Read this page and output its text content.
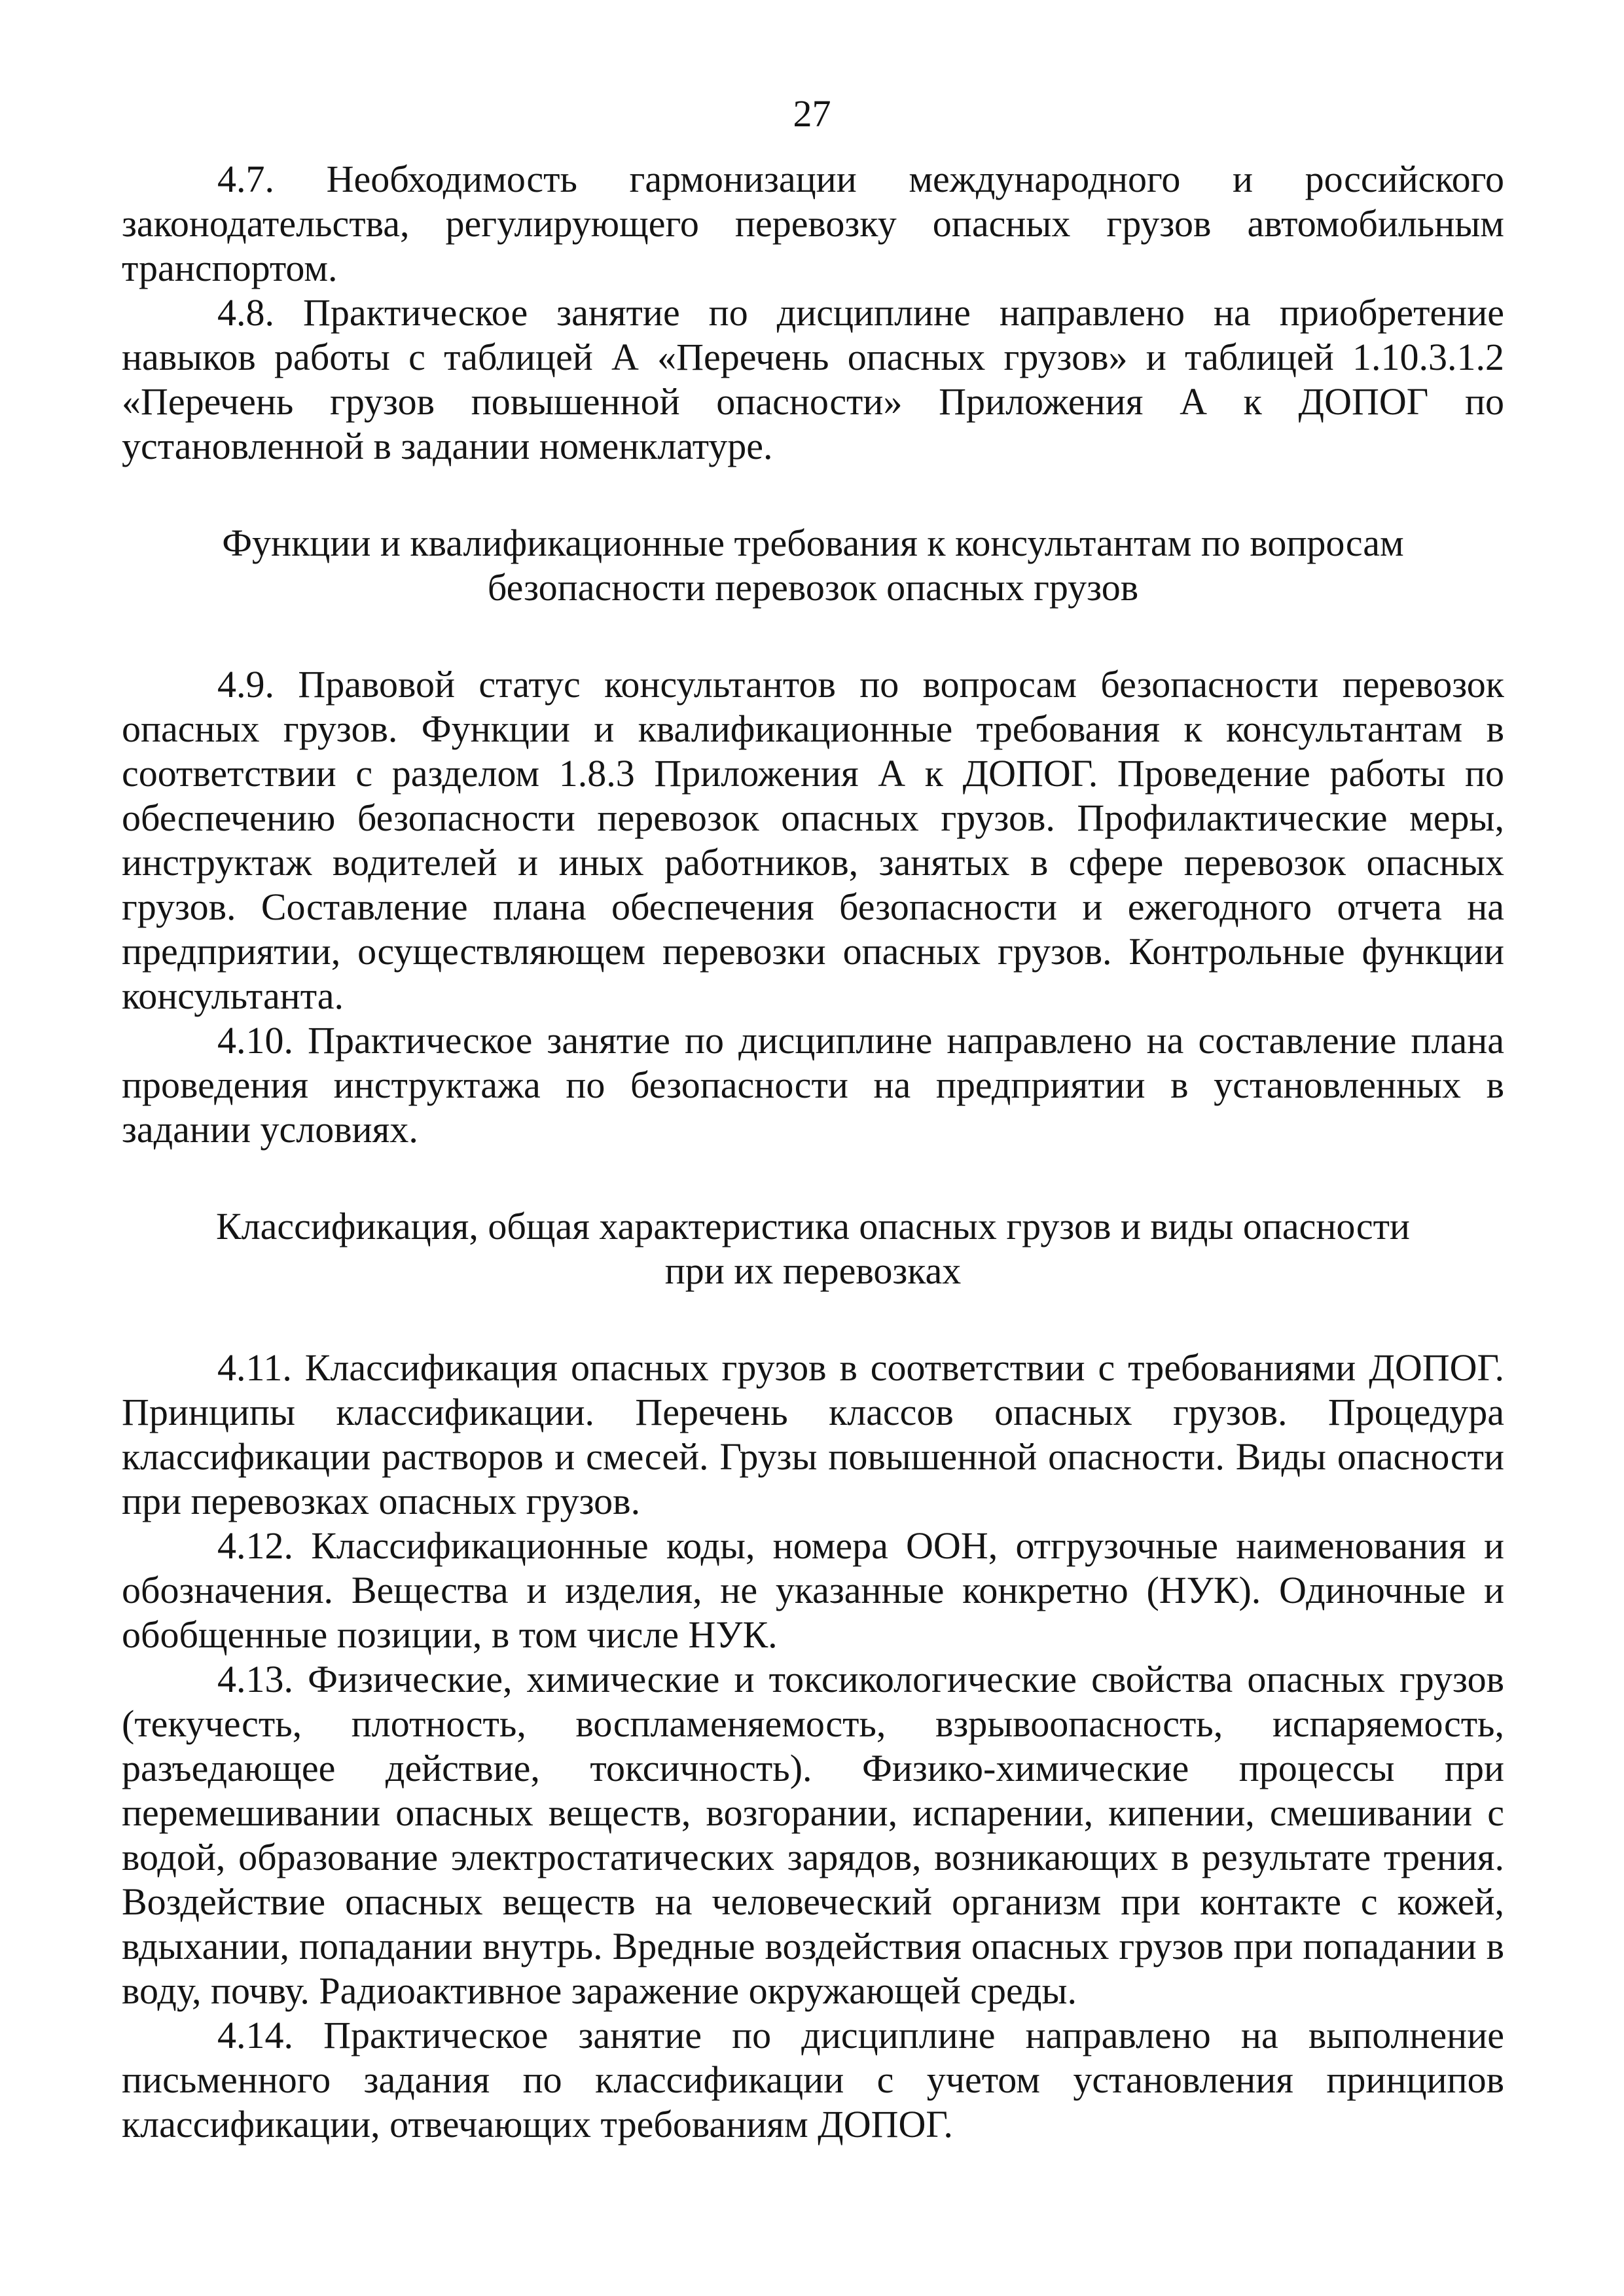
27

4.7. Необходимость гармонизации международного и российского законодательства, регулирующего перевозку опасных грузов автомобильным транспортом.

4.8. Практическое занятие по дисциплине направлено на приобретение навыков работы с таблицей А «Перечень опасных грузов» и таблицей 1.10.3.1.2 «Перечень грузов повышенной опасности» Приложения А к ДОПОГ по установленной в задании номенклатуре.

Функции и квалификационные требования к консультантам по вопросам

безопасности перевозок опасных грузов

4.9. Правовой статус консультантов по вопросам безопасности перевозок опасных грузов. Функции и квалификационные требования к консультантам в соответствии с разделом 1.8.3 Приложения А к ДОПОГ. Проведение работы по обеспечению безопасности перевозок опасных грузов. Профилактические меры, инструктаж водителей и иных работников, занятых в сфере перевозок опасных грузов. Составление плана обеспечения безопасности и ежегодного отчета на предприятии, осуществляющем перевозки опасных грузов. Контрольные функции консультанта.

4.10. Практическое занятие по дисциплине направлено на составление плана проведения инструктажа по безопасности на предприятии в установленных в задании условиях.

Классификация, общая характеристика опасных грузов и виды опасности

при их перевозках

4.11. Классификация опасных грузов в соответствии с требованиями ДОПОГ. Принципы классификации. Перечень классов опасных грузов. Процедура классификации растворов и смесей. Грузы повышенной опасности. Виды опасности при перевозках опасных грузов.

4.12. Классификационные коды, номера ООН, отгрузочные наименования и обозначения. Вещества и изделия, не указанные конкретно (НУК). Одиночные и обобщенные позиции, в том числе НУК.

4.13. Физические, химические и токсикологические свойства опасных грузов (текучесть, плотность, воспламеняемость, взрывоопасность, испаряемость, разъедающее действие, токсичность). Физико-химические процессы при перемешивании опасных веществ, возгорании, испарении, кипении, смешивании с водой, образование электростатических зарядов, возникающих в результате трения. Воздействие опасных веществ на человеческий организм при контакте с кожей, вдыхании, попадании внутрь. Вредные воздействия опасных грузов при попадании в воду, почву. Радиоактивное заражение окружающей среды.

4.14. Практическое занятие по дисциплине направлено на выполнение письменного задания по классификации с учетом установления принципов классификации, отвечающих требованиям ДОПОГ.
